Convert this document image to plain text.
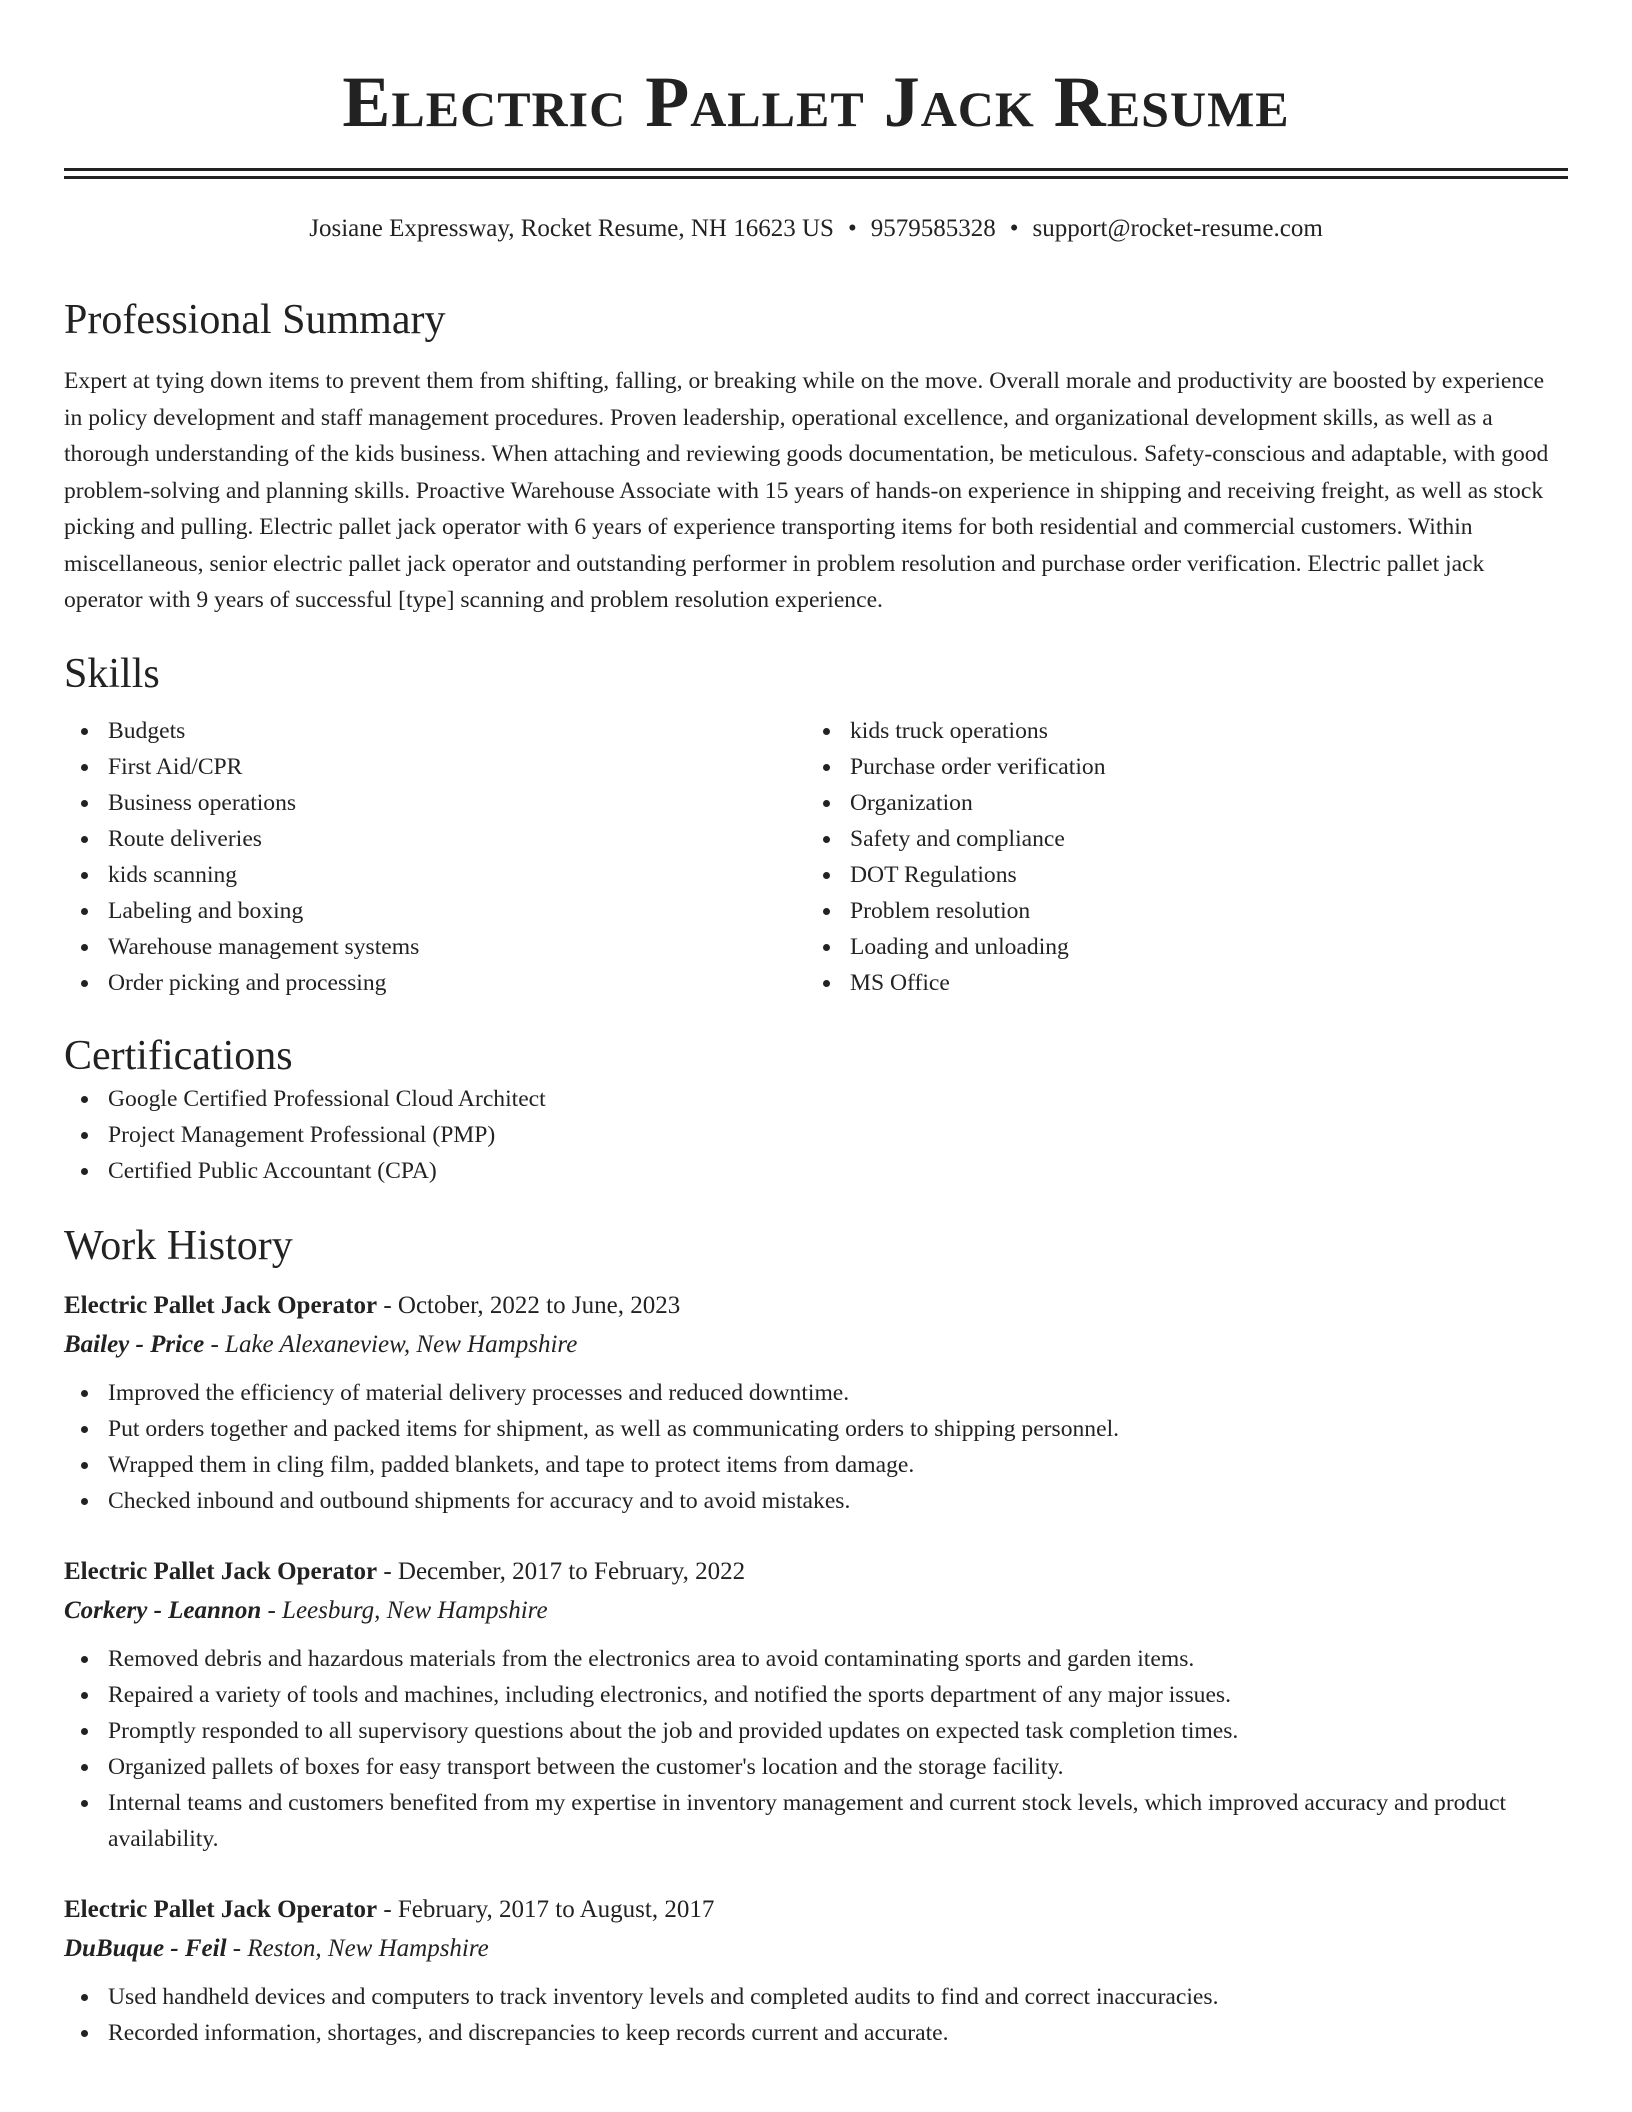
Electric Pallet Jack Resume
Josiane Expressway, Rocket Resume, NH 16623 US • 9579585328 • support@rocket-resume.com
Professional Summary
Expert at tying down items to prevent them from shifting, falling, or breaking while on the move. Overall morale and productivity are boosted by experience in policy development and staff management procedures. Proven leadership, operational excellence, and organizational development skills, as well as a thorough understanding of the kids business. When attaching and reviewing goods documentation, be meticulous. Safety-conscious and adaptable, with good problem-solving and planning skills. Proactive Warehouse Associate with 15 years of hands-on experience in shipping and receiving freight, as well as stock picking and pulling. Electric pallet jack operator with 6 years of experience transporting items for both residential and commercial customers. Within miscellaneous, senior electric pallet jack operator and outstanding performer in problem resolution and purchase order verification. Electric pallet jack operator with 9 years of successful [type] scanning and problem resolution experience.
Skills
Budgets
First Aid/CPR
Business operations
Route deliveries
kids scanning
Labeling and boxing
Warehouse management systems
Order picking and processing
kids truck operations
Purchase order verification
Organization
Safety and compliance
DOT Regulations
Problem resolution
Loading and unloading
MS Office
Certifications
Google Certified Professional Cloud Architect
Project Management Professional (PMP)
Certified Public Accountant (CPA)
Work History
Electric Pallet Jack Operator - October, 2022 to June, 2023
Bailey - Price - Lake Alexaneview, New Hampshire
Improved the efficiency of material delivery processes and reduced downtime.
Put orders together and packed items for shipment, as well as communicating orders to shipping personnel.
Wrapped them in cling film, padded blankets, and tape to protect items from damage.
Checked inbound and outbound shipments for accuracy and to avoid mistakes.
Electric Pallet Jack Operator - December, 2017 to February, 2022
Corkery - Leannon - Leesburg, New Hampshire
Removed debris and hazardous materials from the electronics area to avoid contaminating sports and garden items.
Repaired a variety of tools and machines, including electronics, and notified the sports department of any major issues.
Promptly responded to all supervisory questions about the job and provided updates on expected task completion times.
Organized pallets of boxes for easy transport between the customer's location and the storage facility.
Internal teams and customers benefited from my expertise in inventory management and current stock levels, which improved accuracy and product availability.
Electric Pallet Jack Operator - February, 2017 to August, 2017
DuBuque - Feil - Reston, New Hampshire
Used handheld devices and computers to track inventory levels and completed audits to find and correct inaccuracies.
Recorded information, shortages, and discrepancies to keep records current and accurate.
